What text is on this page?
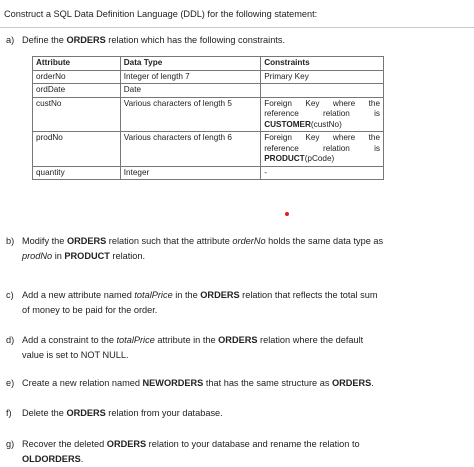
Construct a SQL Data Definition Language (DDL) for the following statement:
a) Define the ORDERS relation which has the following constraints.
Attribute	Data Type	Constraints
orderNo	Integer of length 7	Primary Key
ordDate	Date	
custNo	Various characters of length 5	Foreign Key where the
reference relation is
CUSTOMER(custNo)
prodNo	Various characters of length 6	Foreign Key where the
reference relation is
PRODUCT(pCode)
quantity	Integer	-
b) Modify the ORDERS relation such that the attribute orderNo holds the same data type as
prodNo in PRODUCT relation.
c) Add a new attribute named totalPrice in the ORDERS relation that reflects the total sum
of money to be paid for the order.
d) Add a constraint to the totalPrice attribute in the ORDERS relation where the default
value is set to NOT NULL.
e) Create a new relation named NEWORDERS that has the same structure as ORDERS.
f) Delete the ORDERS relation from your database.
g) Recover the deleted ORDERS relation to your database and rename the relation to
OLDORDERS.
